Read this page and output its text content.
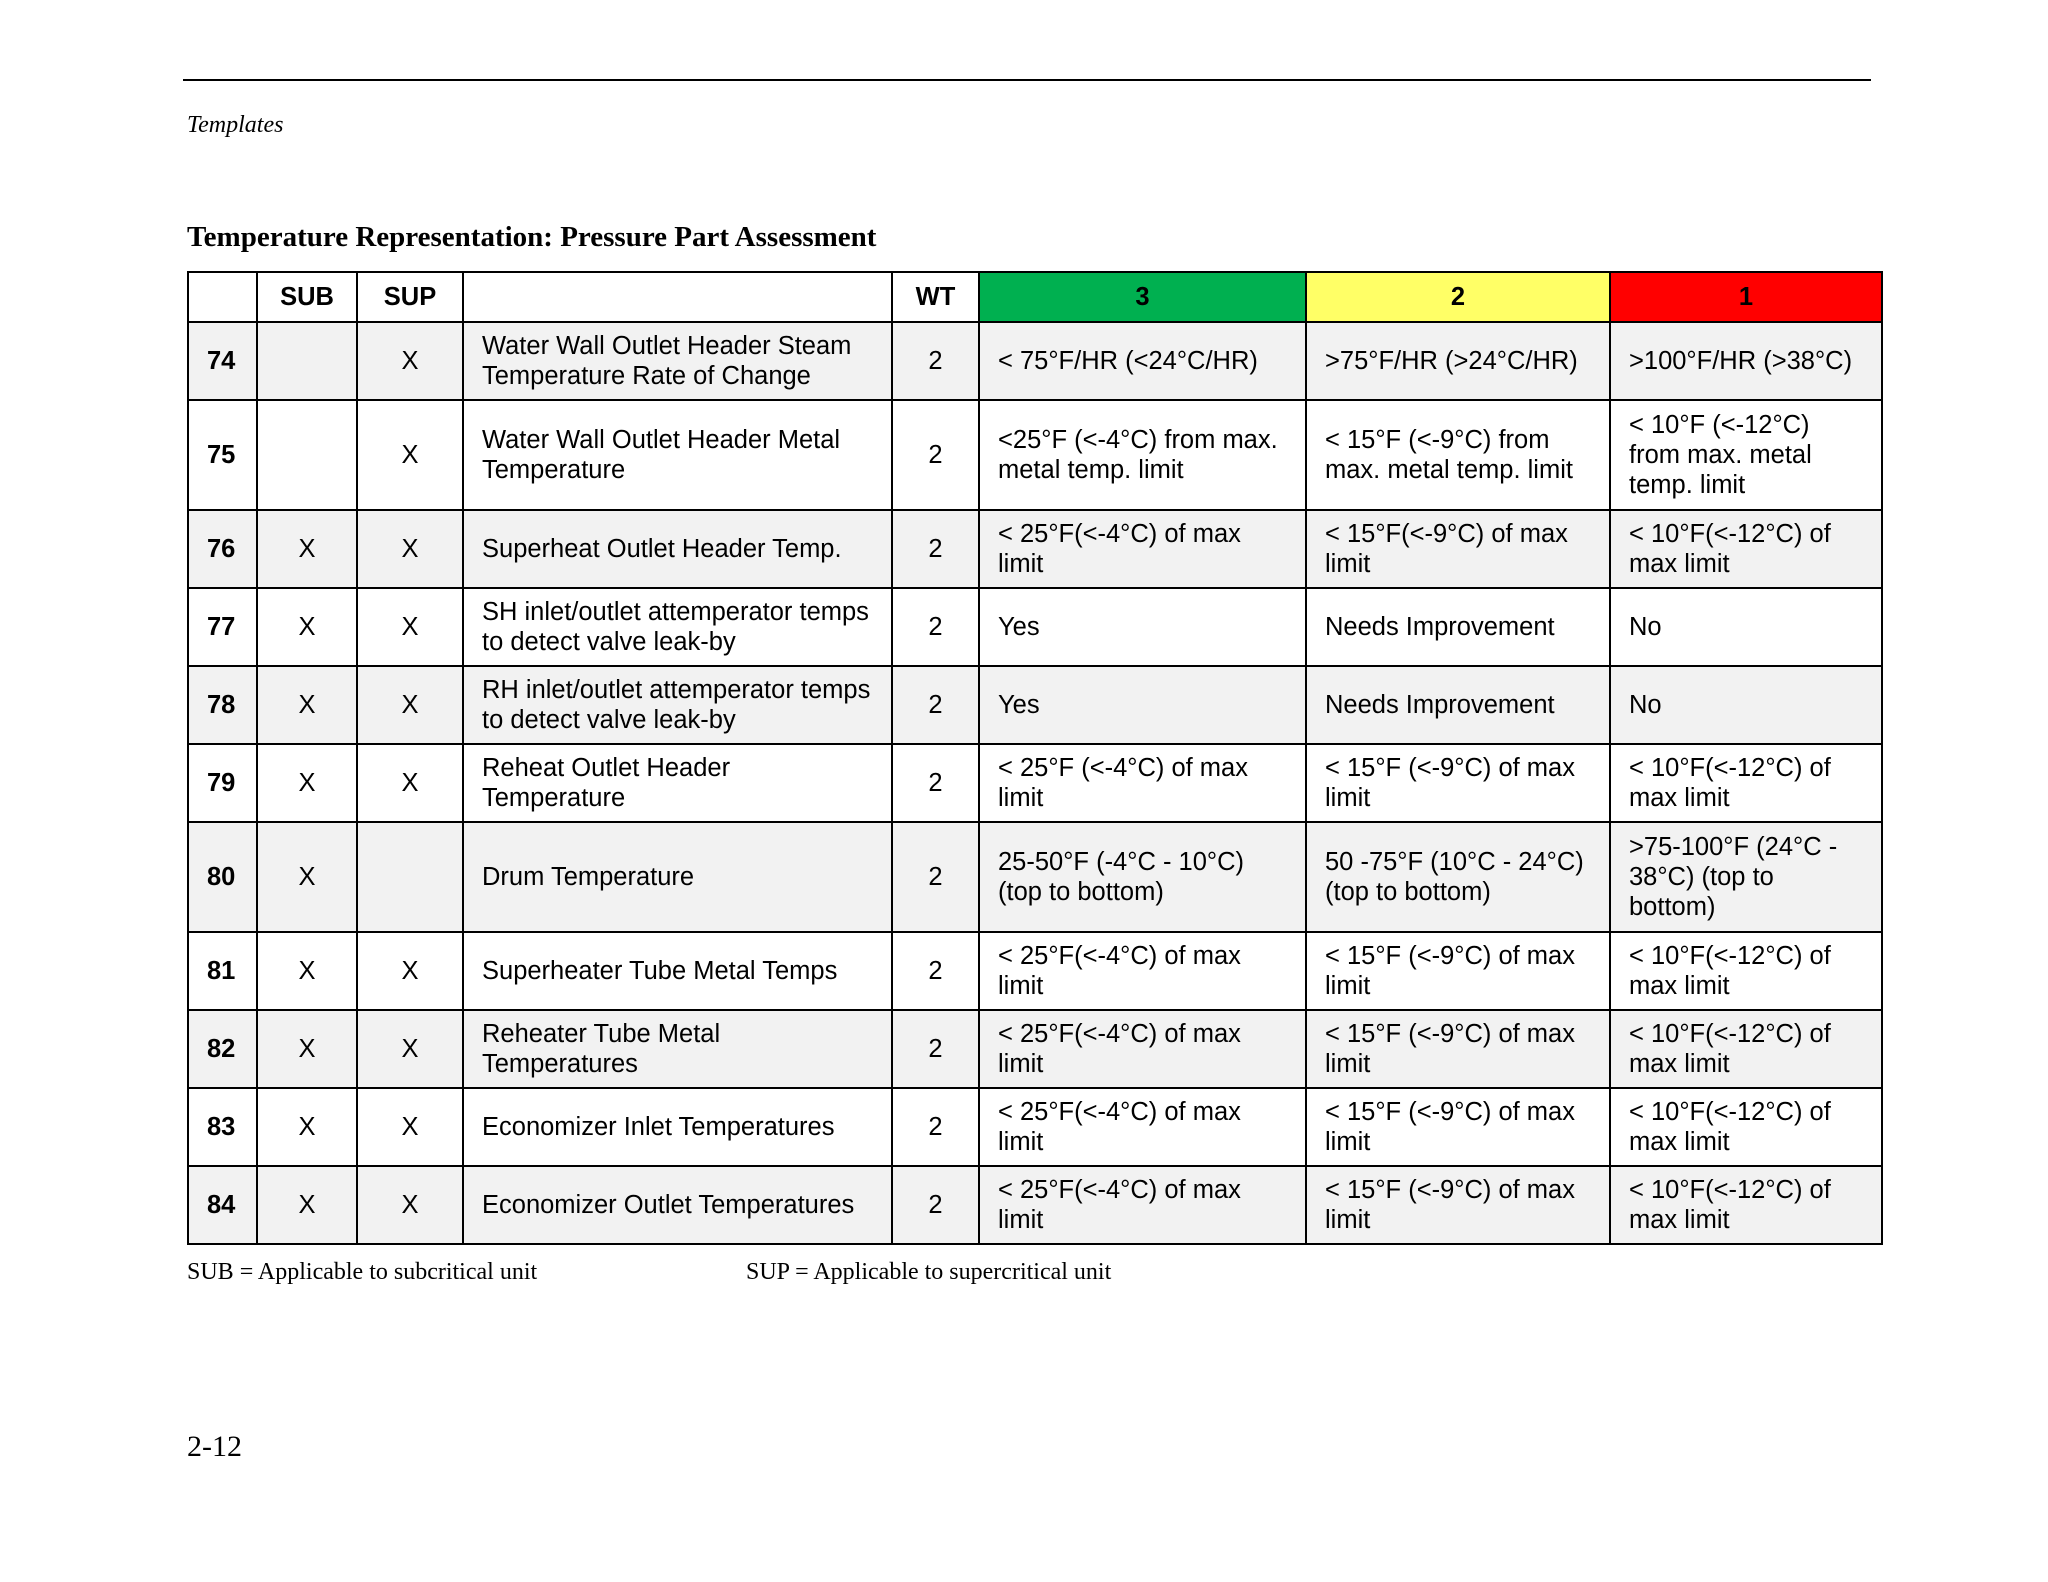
Templates
Temperature Representation: Pressure Part Assessment
	SUB	SUP		WT	3	2	1
74		X	Water Wall Outlet Header Steam Temperature Rate of Change	2	< 75°F/HR (<24°C/HR)	>75°F/HR (>24°C/HR)	>100°F/HR (>38°C)
75		X	Water Wall Outlet Header Metal Temperature	2	<25°F (<-4°C) from max. metal temp. limit	< 15°F (<-9°C) from max. metal temp. limit	< 10°F (<-12°C) from max. metal temp. limit
76	X	X	Superheat Outlet Header Temp.	2	< 25°F(<-4°C) of max limit	< 15°F(<-9°C) of max limit	< 10°F(<-12°C) of max limit
77	X	X	SH inlet/outlet attemperator temps to detect valve leak-by	2	Yes	Needs Improvement	No
78	X	X	RH inlet/outlet attemperator temps to detect valve leak-by	2	Yes	Needs Improvement	No
79	X	X	Reheat Outlet Header Temperature	2	< 25°F (<-4°C) of max limit	< 15°F (<-9°C) of max limit	< 10°F(<-12°C) of max limit
80	X		Drum Temperature	2	25-50°F (-4°C - 10°C) (top to bottom)	50 -75°F (10°C - 24°C) (top to bottom)	>75-100°F (24°C - 38°C) (top to bottom)
81	X	X	Superheater Tube Metal Temps	2	< 25°F(<-4°C) of max limit	< 15°F (<-9°C) of max limit	< 10°F(<-12°C) of max limit
82	X	X	Reheater Tube Metal Temperatures	2	< 25°F(<-4°C) of max limit	< 15°F (<-9°C) of max limit	< 10°F(<-12°C) of max limit
83	X	X	Economizer Inlet Temperatures	2	< 25°F(<-4°C) of max limit	< 15°F (<-9°C) of max limit	< 10°F(<-12°C) of max limit
84	X	X	Economizer Outlet Temperatures	2	< 25°F(<-4°C) of max limit	< 15°F (<-9°C) of max limit	< 10°F(<-12°C) of max limit
SUB = Applicable to subcritical unit	SUP = Applicable to supercritical unit
2-12
